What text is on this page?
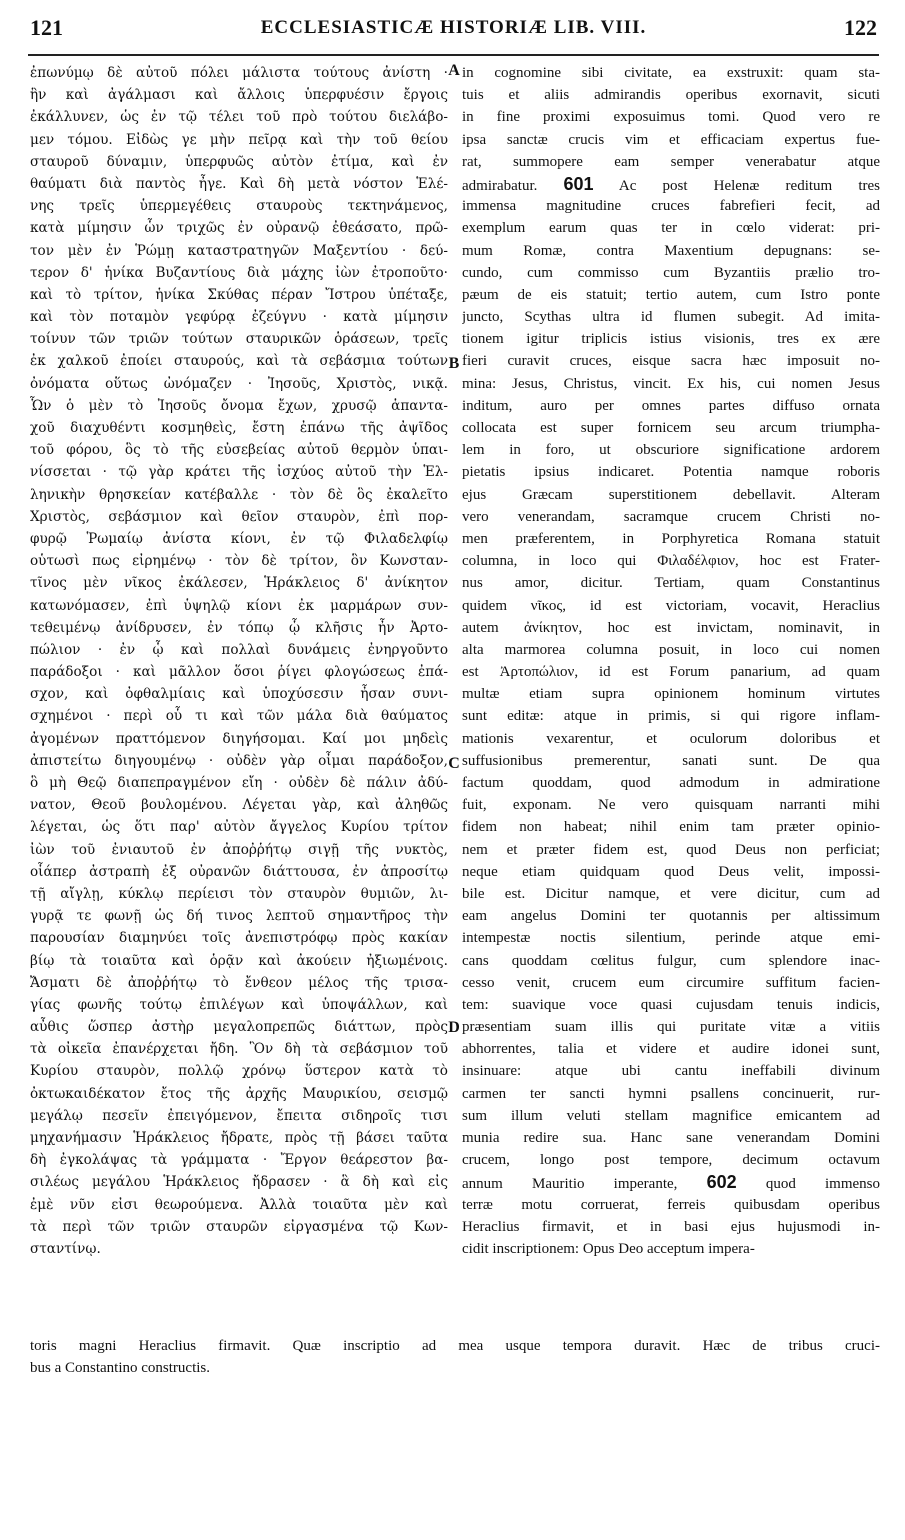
121	ECCLESIASTICÆ HISTORIÆ LIB. VIII.	122
ἐπωνύμῳ δὲ αὐτοῦ πόλει μάλιστα τούτους ἀνίστη ·
ἣν καὶ ἀγάλμασι καὶ ἄλλοις ὑπερφυέσιν ἔργοις
ἐκάλλυνεν, ὡς ἐν τῷ τέλει τοῦ πρὸ τούτου διελάβο-
μεν τόμου. Εἰδὼς γε μὴν πεῖρᾳ καὶ τὴν τοῦ θείου
σταυροῦ δύναμιν, ὑπερφυῶς αὐτὸν ἐτίμα, καὶ ἐν
θαύματι διὰ παντὸς ἦγε. Καὶ δὴ μετὰ νόστον Ἑλέ-
νης τρεῖς ὑπερμεγέθεις σταυροὺς τεκτηνάμενος,
κατὰ μίμησιν ὧν τριχῶς ἐν οὐρανῷ ἐθεάσατο, πρῶ-
τον μὲν ἐν Ῥώμῃ καταστρατηγῶν Μαξεντίου · δεύ-
τερον δ' ἡνίκα Βυζαντίους διὰ μάχης ἰὼν ἐτροποῦτο·
καὶ τὸ τρίτον, ἡνίκα Σκύθας πέραν Ἴστρου ὑπέταξε,
καὶ τὸν ποταμὸν γεφύρᾳ ἐζεύγνυ · κατὰ μίμησιν
τοίνυν τῶν τριῶν τούτων σταυρικῶν ὁράσεων, τρεῖς
ἐκ χαλκοῦ ἐποίει σταυρούς, καὶ τὰ σεβάσμια τούτων
ὀνόματα οὕτως ὠνόμαζεν · Ἰησοῦς, Χριστὸς, νικᾷ.
Ὧν ὁ μὲν τὸ Ἰησοῦς ὄνομα ἔχων, χρυσῷ ἁπαντα-
χοῦ διαχυθέντι κοσμηθεὶς, ἔστη ἐπάνω τῆς ἀψῖδος
τοῦ φόρου, ὃς τὸ τῆς εὐσεβείας αὐτοῦ θερμὸν ὑπαι-
νίσσεται · τῷ γὰρ κράτει τῆς ἰσχύος αὐτοῦ τὴν Ἑλ-
ληνικὴν θρησκείαν κατέβαλλε · τὸν δὲ ὃς ἐκαλεῖτο
Χριστὸς, σεβάσμιον καὶ θεῖον σταυρὸν, ἐπὶ πορ-
φυρῷ Ῥωμαίῳ ἀνίστα κίονι, ἐν τῷ Φιλαδελφίῳ
οὑτωσὶ πως εἰρημένῳ · τὸν δὲ τρίτον, ὃν Κωνσταν-
τῖνος μὲν νῖκος ἐκάλεσεν, Ἡράκλειος δ' ἀνίκητον
κατωνόμασεν, ἐπὶ ὑψηλῷ κίονι ἐκ μαρμάρων συν-
τεθειμένῳ ἀνίδρυσεν, ἐν τόπῳ ᾧ κλῆσις ἦν Ἀρτο-
πώλιον · ἐν ᾧ καὶ πολλαὶ δυνάμεις ἐνηργοῦντο
παράδοξοι · καὶ μᾶλλον ὅσοι ῥίγει φλογώσεως ἐπά-
σχον, καὶ ὀφθαλμίαις καὶ ὑποχύσεσιν ἦσαν συνι-
σχημένοι · περὶ οὗ τι καὶ τῶν μάλα διὰ θαύματος
ἀγομένων πραττόμενον διηγήσομαι. Καί μοι μηδεὶς
ἀπιστείτω διηγουμένῳ · οὐδὲν γὰρ οἶμαι παράδοξον,
ὃ μὴ Θεῷ διαπεπραγμένον εἴη · οὐδὲν δὲ πάλιν ἀδύ-
νατον, Θεοῦ βουλομένου. Λέγεται γὰρ, καὶ ἀληθῶς
λέγεται, ὡς ὅτι παρ' αὐτὸν ἄγγελος Κυρίου τρίτον
ἰὼν τοῦ ἐνιαυτοῦ ἐν ἀποῤῥήτῳ σιγῇ τῆς νυκτὸς,
οἷάπερ ἀστραπὴ ἐξ οὐρανῶν διάττουσα, ἐν ἀπροσίτῳ
τῇ αἴγλῃ, κύκλῳ περίεισι τὸν σταυρὸν θυμιῶν, λι-
γυρᾷ τε φωνῇ ὡς δή τινος λεπτοῦ σημαντῆρος τὴν
παρουσίαν διαμηνύει τοῖς ἀνεπιστρόφῳ πρὸς κακίαν
βίῳ τὰ τοιαῦτα καὶ ὁρᾷν καὶ ἀκούειν ἠξιωμένοις.
Ἄσματι δὲ ἀποῤῥήτῳ τὸ ἔνθεον μέλος τῆς τρισα-
γίας φωνῆς τούτῳ ἐπιλέγων καὶ ὑποψάλλων, καὶ
αὖθις ὥσπερ ἀστὴρ μεγαλοπρεπῶς διάττων, πρὸς
τὰ οἰκεῖα ἐπανέρχεται ἤδη. Ὃν δὴ τὰ σεβάσμιον τοῦ
Κυρίου σταυρὸν, πολλῷ χρόνῳ ὕστερον κατὰ τὸ
ὀκτωκαιδέκατον ἔτος τῆς ἀρχῆς Μαυρικίου, σεισμῷ
μεγάλῳ πεσεῖν ἐπειγόμενον, ἔπειτα σιδηροῖς τισι
μηχανήμασιν Ἡράκλειος ἤδρατε, πρὸς τῇ βάσει ταῦτα
δὴ ἐγκολάψας τὰ γράμματα · Ἔργον θεάρεστον βα-
σιλέως μεγάλου Ἡράκλειος ἤδρασεν · ἃ δὴ καὶ εἰς
ἐμὲ νῦν εἰσι θεωρούμενα. Ἀλλὰ τοιαῦτα μὲν καὶ
τὰ περὶ τῶν τριῶν σταυρῶν εἰργασμένα τῷ Κων-
σταντίνῳ.
in cognomine sibi civitate, ea exstruxit: quam sta-
tuis et aliis admirandis operibus exornavit, sicuti
in fine proximi exposuimus tomi. Quod vero re
ipsa sanctæ crucis vim et efficaciam expertus fue-
rat, summopere eam semper venerabatur atque
admirabatur. 601 Ac post Helenæ reditum tres
immensa magnitudine cruces fabrefieri fecit, ad
exemplum earum quas ter in cœlo viderat: pri-
mum Romæ, contra Maxentium depugnans: se-
cundo, cum commisso cum Byzantiis prælio tro-
pæum de eis statuit; tertio autem, cum Istro ponte
juncto, Scythas ultra id flumen subegit. Ad imita-
tionem igitur triplicis istius visionis, tres ex ære
fieri curavit cruces, eisque sacra hæc imposuit no-
mina: Jesus, Christus, vincit. Ex his, cui nomen Jesus
inditum, auro per omnes partes diffuso ornata
collocata est super fornicem seu arcum triumpha-
lem in foro, ut obscuriore significatione ardorem
pietatis ipsius indicaret. Potentia namque roboris
ejus Græcam superstitionem debellavit. Alteram
vero venerandam, sacramque crucem Christi no-
men præferentem, in Porphyretica Romana statuit
columna, in loco qui Φιλαδέλφιον, hoc est Frater-
nus amor, dicitur. Tertiam, quam Constantinus
quidem νῖκος, id est victoriam, vocavit, Heraclius
autem ἀνίκητον, hoc est invictam, nominavit, in
alta marmorea columna posuit, in loco cui nomen
est Ἀρτοπώλιον, id est Forum panarium, ad quam
multæ etiam supra opinionem hominum virtutes
sunt editæ: atque in primis, si qui rigore inflam-
mationis vexarentur, et oculorum doloribus et
suffusionibus premerentur, sanati sunt. De qua
factum quoddam, quod admodum in admiratione
fuit, exponam. Ne vero quisquam narranti mihi
fidem non habeat; nihil enim tam præter opinio-
nem et præter fidem est, quod Deus non perficiat;
neque etiam quidquam quod Deus velit, impossi-
bile est. Dicitur namque, et vere dicitur, cum ad
eam angelus Domini ter quotannis per altissimum
intempestæ noctis silentium, perinde atque emi-
cans quoddam cœlitus fulgur, cum splendore inac-
cesso venit, crucem eum circumire suffitum facien-
tem: suavique voce quasi cujusdam tenuis indicis,
præsentiam suam illis qui puritate vitæ a vitiis
abhorrentes, talia et videre et audire idonei sunt,
insinuare: atque ubi cantu ineffabili divinum
carmen ter sancti hymni psallens concinuerit, rur-
sum illum veluti stellam magnifice emicantem ad
munia redire sua. Hanc sane venerandam Domini
crucem, longo post tempore, decimum octavum
annum Mauritio imperante, 602 quod immenso
terræ motu corruerat, ferreis quibusdam operibus
Heraclius firmavit, et in basi ejus hujusmodi in-
cidit inscriptionem: Opus Deo acceptum impera-
A
B
C
D
toris magni Heraclius firmavit. Quæ inscriptio ad mea usque tempora duravit. Hæc de tribus cruci-
bus a Constantino constructis.
